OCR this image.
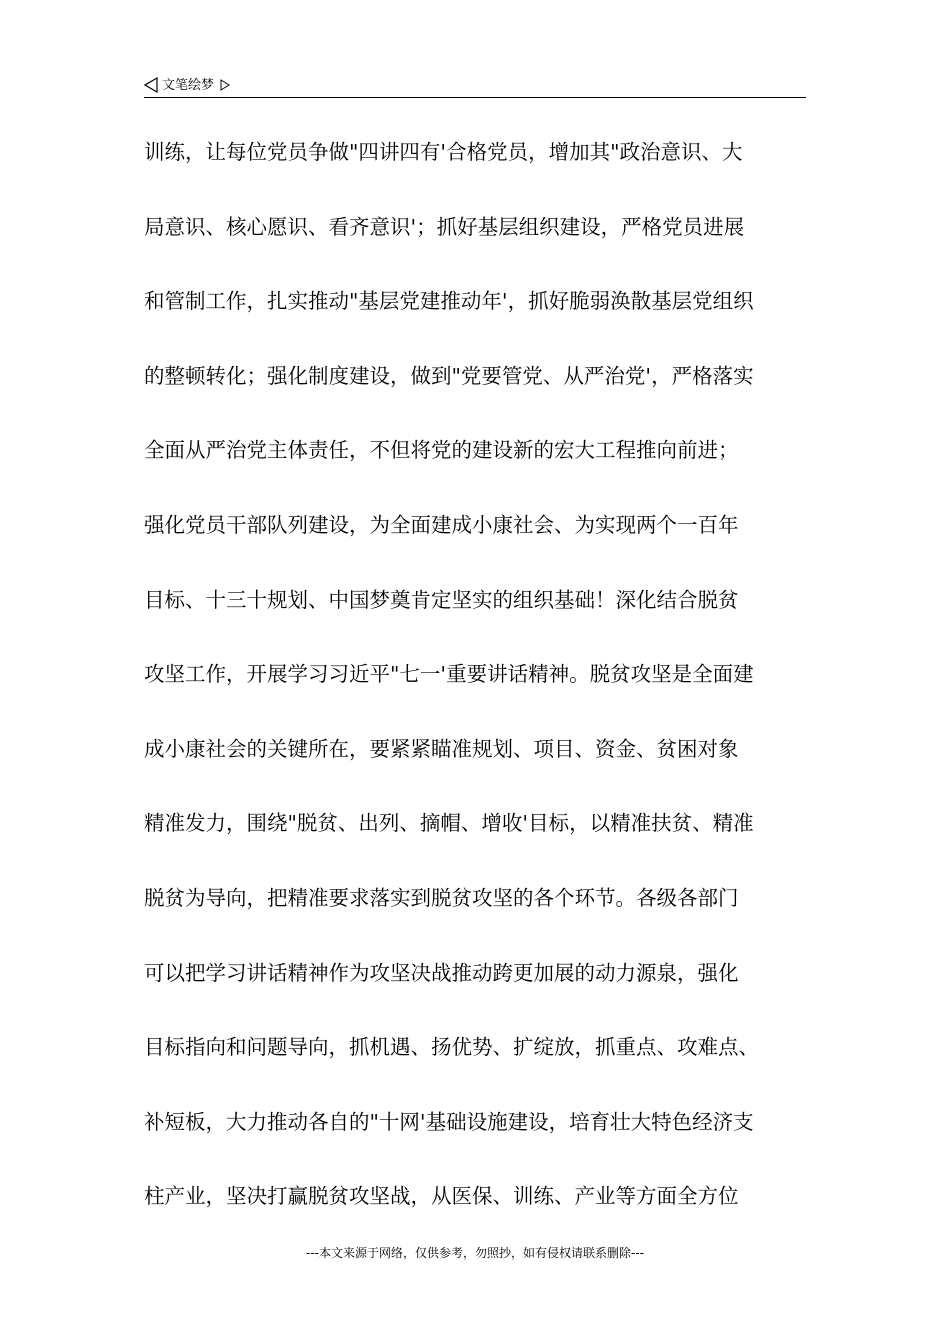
文笔绘梦
训练，让每位党员争做"四讲四有'合格党员，增加其"政治意识、大
局意识、核心愿识、看齐意识'；抓好基层组织建设，严格党员进展
和管制工作，扎实推动"基层党建推动年'，抓好脆弱涣散基层党组织
的整顿转化；强化制度建设，做到"党要管党、从严治党'，严格落实
全面从严治党主体责任，不但将党的建设新的宏大工程推向前进；
强化党员干部队列建设，为全面建成小康社会、为实现两个一百年
目标、十三十规划、中国梦奠肯定坚实的组织基础！深化结合脱贫
攻坚工作，开展学习习近平"七一'重要讲话精神。脱贫攻坚是全面建
成小康社会的关键所在，要紧紧瞄准规划、项目、资金、贫困对象
精准发力，围绕"脱贫、出列、摘帽、增收'目标，以精准扶贫、精准
脱贫为导向，把精准要求落实到脱贫攻坚的各个环节。各级各部门
可以把学习讲话精神作为攻坚决战推动跨更加展的动力源泉，强化
目标指向和问题导向，抓机遇、扬优势、扩绽放，抓重点、攻难点、
补短板，大力推动各自的"十网'基础设施建设，培育壮大特色经济支
柱产业，坚决打赢脱贫攻坚战，从医保、训练、产业等方面全方位
---本文来源于网络，仅供参考，勿照抄，如有侵权请联系删除---
